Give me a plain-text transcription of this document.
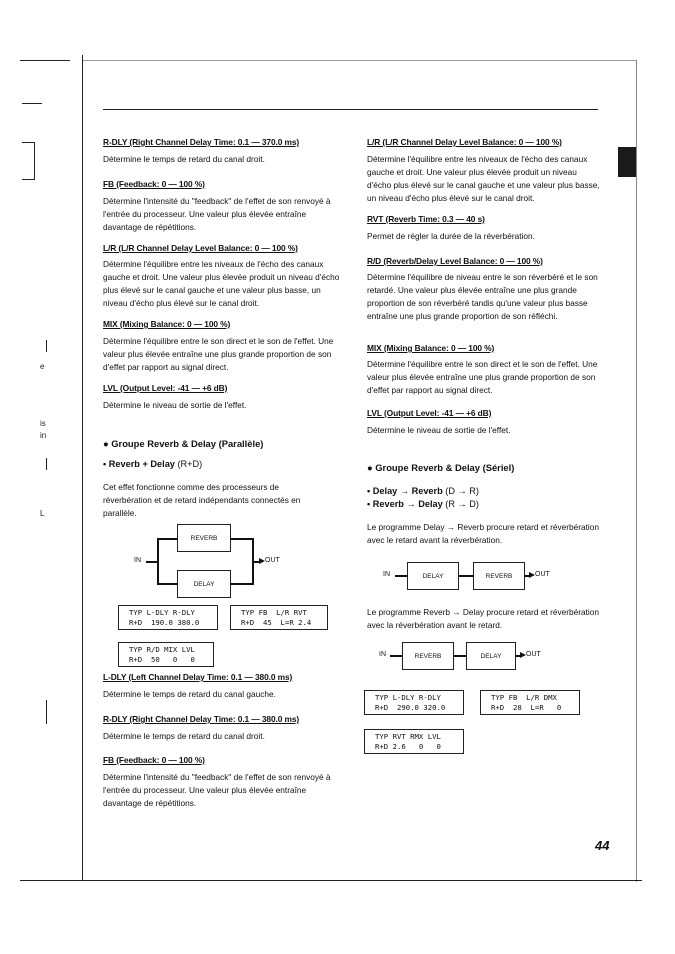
e
is
in
L
R-DLY (Right Channel Delay Time: 0.1 — 370.0 ms)
Détermine le temps de retard du canal droit.
FB (Feedback: 0 — 100 %)
Détermine l'intensité du "feedback" de l'effet de son renvoyé à l'entrée du processeur. Une valeur plus élevée entraîne davantage de répétitions.
L/R (L/R Channel Delay Level Balance: 0 — 100 %)
Détermine l'équilibre entre les niveaux de l'écho des canaux gauche et droit. Une valeur plus élevée produit un niveau d'écho plus élevé sur le canal gauche et une valeur plus basse, un niveau d'écho plus élevé sur le canal droit.
MIX (Mixing Balance: 0 — 100 %)
Détermine l'équilibre entre le son direct et le son de l'effet. Une valeur plus élevée entraîne une plus grande proportion de son d'effet par rapport au signal direct.
LVL (Output Level: -41 — +6 dB)
Détermine le niveau de sortie de l'effet.
● Groupe Reverb & Delay (Parallèle)
• Reverb + Delay (R+D)
Cet effet fonctionne comme des processeurs de réverbération et de retard indépendants connectés en parallèle.
IN
REVERB
DELAY
OUT
TYP L-DLY R-DLY
R+D  190.0 380.0
TYP FB  L/R RVT
R+D  45  L=R 2.4
TYP R/D MIX LVL
R+D  50   0   0
L-DLY (Left Channel Delay Time: 0.1 — 380.0 ms)
Détermine le temps de retard du canal gauche.
R-DLY (Right Channel Delay Time: 0.1 — 380.0 ms)
Détermine le temps de retard du canal droit.
FB (Feedback: 0 — 100 %)
Détermine l'intensité du "feedback" de l'effet de son renvoyé à l'entrée du processeur. Une valeur plus élevée entraîne davantage de répétitions.
L/R (L/R Channel Delay Level Balance: 0 — 100 %)
Détermine l'équilibre entre les niveaux de l'écho des canaux gauche et droit. Une valeur plus élevée produit un niveau d'écho plus élevé sur le canal gauche et une valeur plus basse, un niveau d'écho plus élevé sur le canal droit.
RVT (Reverb Time: 0.3 — 40 s)
Permet de régler la durée de la réverbération.
R/D (Reverb/Delay Level Balance: 0 — 100 %)
Détermine l'équilibre de niveau entre le son réverbéré et le son retardé. Une valeur plus élevée entraîne une plus grande proportion de son réverbéré tandis qu'une valeur plus basse entraîne une plus grande proportion de son réfléchi.
MIX (Mixing Balance: 0 — 100 %)
Détermine l'équilibre entre le son direct et le son de l'effet. Une valeur plus élevée entraîne une plus grande proportion de son d'effet par rapport au signal direct.
LVL (Output Level: -41 — +6 dB)
Détermine le niveau de sortie de l'effet.
● Groupe Reverb & Delay (Sériel)
• Delay → Reverb (D → R)
• Reverb → Delay (R → D)
Le programme Delay → Reverb procure retard et réverbération avec le retard avant la réverbération.
IN	DELAY	REVERB	OUT
Le programme Reverb → Delay procure retard et réverbération avec la réverbération avant le retard.
IN	REVERB	DELAY	OUT
TYP L-DLY R-DLY
R+D  290.0 320.0
TYP FB  L/R DMX
R+D  28  L=R   0
TYP RVT RMX LVL
R+D 2.6   0   0
44
